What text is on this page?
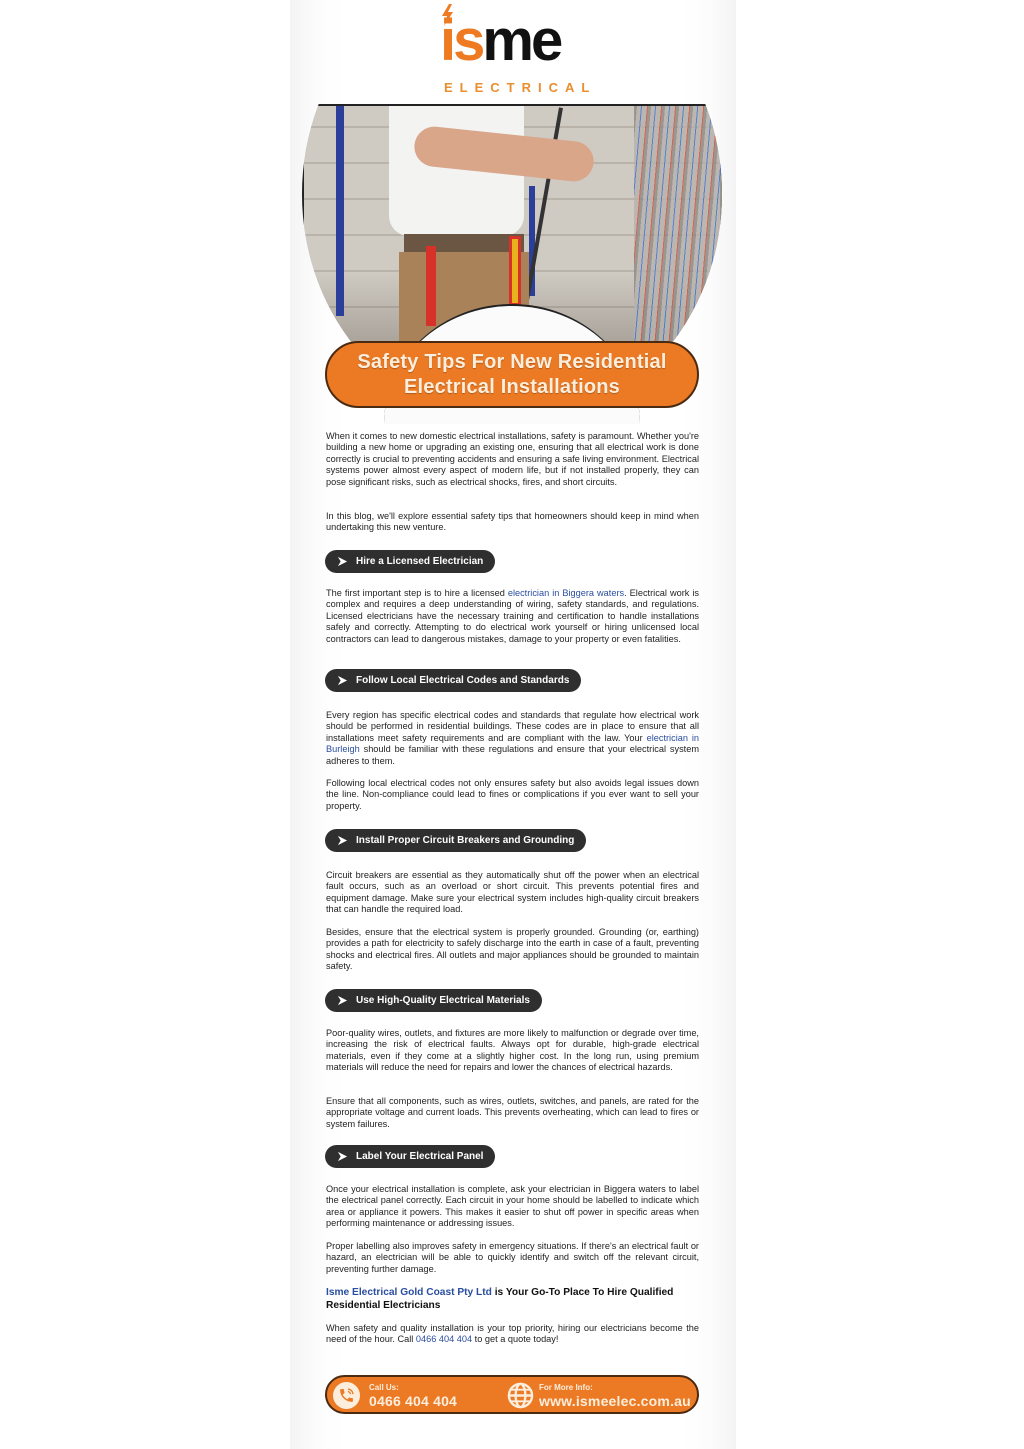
isme
ELECTRICAL
Safety Tips For New Residential
Electrical Installations

When it comes to new domestic electrical installations, safety is paramount. Whether you're building a new home or upgrading an existing one, ensuring that all electrical work is done correctly is crucial to preventing accidents and ensuring a safe living environment. Electrical systems power almost every aspect of modern life, but if not installed properly, they can pose significant risks, such as electrical shocks, fires, and short circuits.

In this blog, we'll explore essential safety tips that homeowners should keep in mind when undertaking this new venture.

Hire a Licensed Electrician

The first important step is to hire a licensed electrician in Biggera waters. Electrical work is complex and requires a deep understanding of wiring, safety standards, and regulations. Licensed electricians have the necessary training and certification to handle installations safely and correctly. Attempting to do electrical work yourself or hiring unlicensed local contractors can lead to dangerous mistakes, damage to your property or even fatalities.

Follow Local Electrical Codes and Standards

Every region has specific electrical codes and standards that regulate how electrical work should be performed in residential buildings. These codes are in place to ensure that all installations meet safety requirements and are compliant with the law. Your electrician in Burleigh should be familiar with these regulations and ensure that your electrical system adheres to them.

Following local electrical codes not only ensures safety but also avoids legal issues down the line. Non-compliance could lead to fines or complications if you ever want to sell your property.

Install Proper Circuit Breakers and Grounding

Circuit breakers are essential as they automatically shut off the power when an electrical fault occurs, such as an overload or short circuit. This prevents potential fires and equipment damage. Make sure your electrical system includes high-quality circuit breakers that can handle the required load.

Besides, ensure that the electrical system is properly grounded. Grounding (or, earthing) provides a path for electricity to safely discharge into the earth in case of a fault, preventing shocks and electrical fires. All outlets and major appliances should be grounded to maintain safety.

Use High-Quality Electrical Materials

Poor-quality wires, outlets, and fixtures are more likely to malfunction or degrade over time, increasing the risk of electrical faults. Always opt for durable, high-grade electrical materials, even if they come at a slightly higher cost. In the long run, using premium materials will reduce the need for repairs and lower the chances of electrical hazards.

Ensure that all components, such as wires, outlets, switches, and panels, are rated for the appropriate voltage and current loads. This prevents overheating, which can lead to fires or system failures.

Label Your Electrical Panel

Once your electrical installation is complete, ask your electrician in Biggera waters to label the electrical panel correctly. Each circuit in your home should be labelled to indicate which area or appliance it powers. This makes it easier to shut off power in specific areas when performing maintenance or addressing issues.

Proper labelling also improves safety in emergency situations. If there's an electrical fault or hazard, an electrician will be able to quickly identify and switch off the relevant circuit, preventing further damage.

Isme Electrical Gold Coast Pty Ltd is Your Go-To Place To Hire Qualified Residential Electricians

When safety and quality installation is your top priority, hiring our electricians become the need of the hour. Call 0466 404 404 to get a quote today!

Call Us:
0466 404 404
For More Info:
www.ismeelec.com.au
